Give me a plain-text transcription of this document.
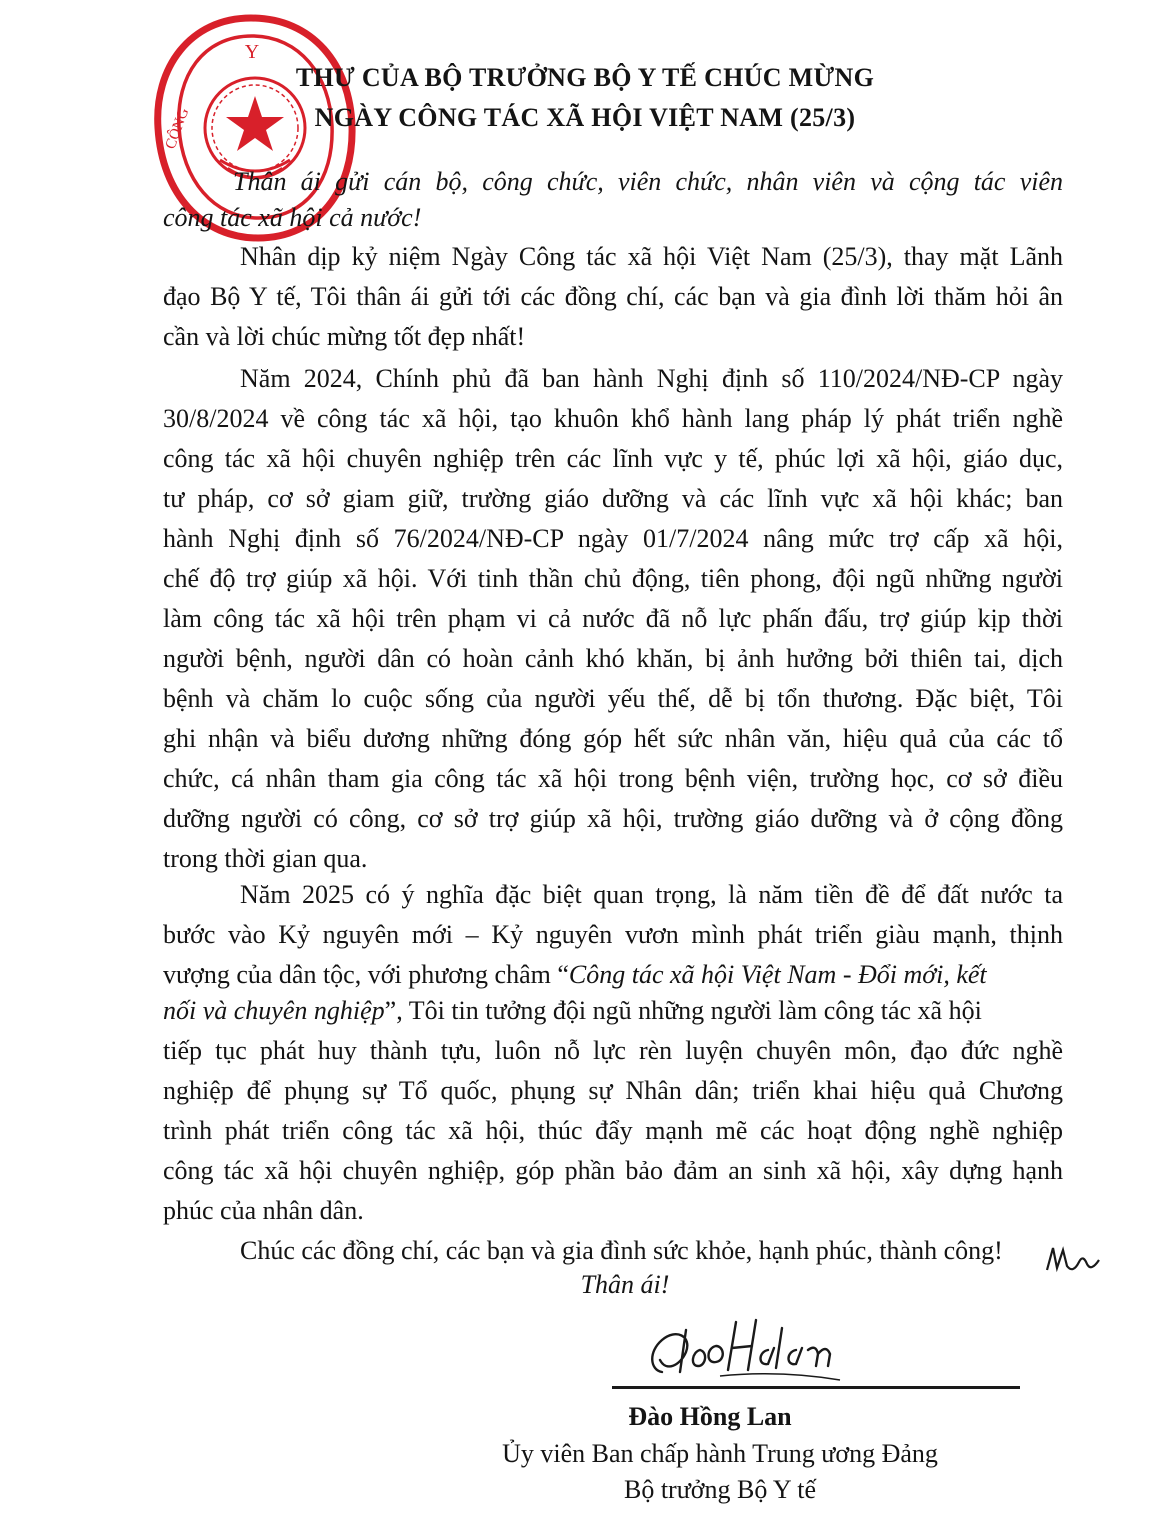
Y
CỘNG
THƯ CỦA BỘ TRƯỞNG BỘ Y TẾ CHÚC MỪNG
NGÀY CÔNG TÁC XÃ HỘI VIỆT NAM (25/3)
Thân ái gửi cán bộ, công chức, viên chức, nhân viên và cộng tác viên
công tác xã hội cả nước!
Nhân dịp kỷ niệm Ngày Công tác xã hội Việt Nam (25/3), thay mặt Lãnh
đạo Bộ Y tế, Tôi thân ái gửi tới các đồng chí, các bạn và gia đình lời thăm hỏi ân
cần và lời chúc mừng tốt đẹp nhất!
Năm 2024, Chính phủ đã ban hành Nghị định số 110/2024/NĐ-CP ngày
30/8/2024 về công tác xã hội, tạo khuôn khổ hành lang pháp lý phát triển nghề
công tác xã hội chuyên nghiệp trên các lĩnh vực y tế, phúc lợi xã hội, giáo dục,
tư pháp, cơ sở giam giữ, trường giáo dưỡng và các lĩnh vực xã hội khác; ban
hành Nghị định số 76/2024/NĐ-CP ngày 01/7/2024 nâng mức trợ cấp xã hội,
chế độ trợ giúp xã hội. Với tinh thần chủ động, tiên phong, đội ngũ những người
làm công tác xã hội trên phạm vi cả nước đã nỗ lực phấn đấu, trợ giúp kịp thời
người bệnh, người dân có hoàn cảnh khó khăn, bị ảnh hưởng bởi thiên tai, dịch
bệnh và chăm lo cuộc sống của người yếu thế, dễ bị tổn thương. Đặc biệt, Tôi
ghi nhận và biểu dương những đóng góp hết sức nhân văn, hiệu quả của các tổ
chức, cá nhân tham gia công tác xã hội trong bệnh viện, trường học, cơ sở điều
dưỡng người có công, cơ sở trợ giúp xã hội, trường giáo dưỡng và ở cộng đồng
trong thời gian qua.
Năm 2025 có ý nghĩa đặc biệt quan trọng, là năm tiền đề để đất nước ta
bước vào Kỷ nguyên mới – Kỷ nguyên vươn mình phát triển giàu mạnh, thịnh
vượng của dân tộc, với phương châm “Công tác xã hội Việt Nam - Đổi mới, kết
nối và chuyên nghiệp”, Tôi tin tưởng đội ngũ những người làm công tác xã hội
tiếp tục phát huy thành tựu, luôn nỗ lực rèn luyện chuyên môn, đạo đức nghề
nghiệp để phụng sự Tổ quốc, phụng sự Nhân dân; triển khai hiệu quả Chương
trình phát triển công tác xã hội, thúc đẩy mạnh mẽ các hoạt động nghề nghiệp
công tác xã hội chuyên nghiệp, góp phần bảo đảm an sinh xã hội, xây dựng hạnh
phúc của nhân dân.
Chúc các đồng chí, các bạn và gia đình sức khỏe, hạnh phúc, thành công!
Thân ái!
Đào Hồng Lan
Ủy viên Ban chấp hành Trung ương Đảng
Bộ trưởng Bộ Y tế
